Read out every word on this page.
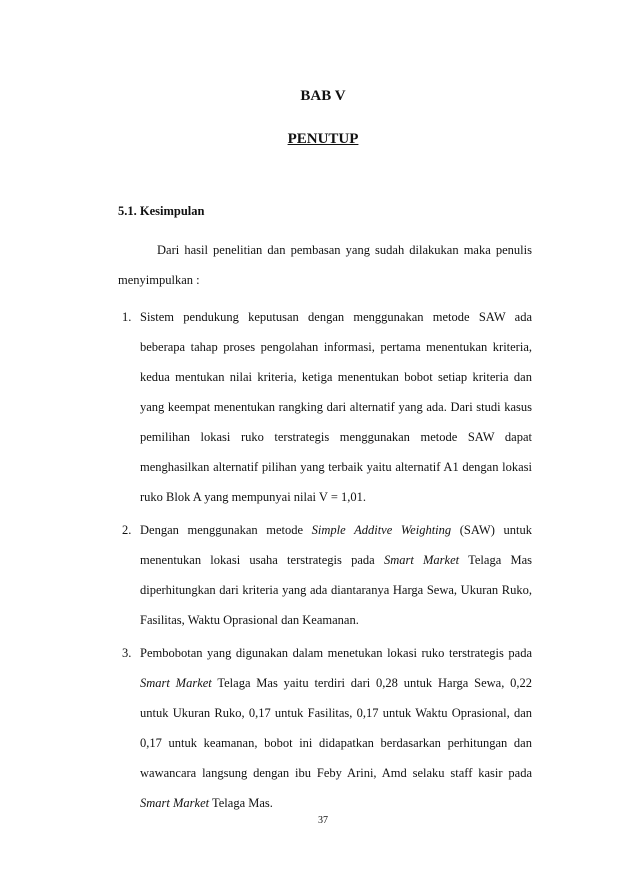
BAB V
PENUTUP
5.1. Kesimpulan

Dari hasil penelitian dan pembasan yang sudah dilakukan maka penulis menyimpulkan :

1. Sistem pendukung keputusan dengan menggunakan metode SAW ada beberapa tahap proses pengolahan informasi, pertama menentukan kriteria, kedua mentukan nilai kriteria, ketiga menentukan bobot setiap kriteria dan yang keempat menentukan rangking dari alternatif yang ada. Dari studi kasus pemilihan lokasi ruko terstrategis menggunakan metode SAW dapat menghasilkan alternatif pilihan yang terbaik yaitu alternatif A1 dengan lokasi ruko Blok A yang mempunyai nilai V = 1,01.
2. Dengan menggunakan metode Simple Additve Weighting (SAW) untuk menentukan lokasi usaha terstrategis pada Smart Market Telaga Mas diperhitungkan dari kriteria yang ada diantaranya Harga Sewa, Ukuran Ruko, Fasilitas, Waktu Oprasional dan Keamanan.
3. Pembobotan yang digunakan dalam menetukan lokasi ruko terstrategis pada Smart Market Telaga Mas yaitu terdiri dari 0,28 untuk Harga Sewa, 0,22 untuk Ukuran Ruko, 0,17 untuk Fasilitas, 0,17 untuk Waktu Oprasional, dan 0,17 untuk keamanan, bobot ini didapatkan berdasarkan perhitungan dan wawancara langsung dengan ibu Feby Arini, Amd selaku staff kasir pada Smart Market Telaga Mas.

37
